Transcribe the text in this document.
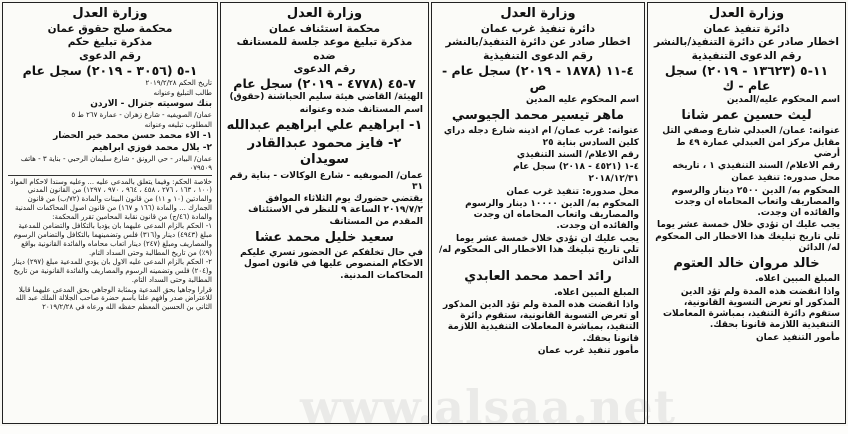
وزارة العدل
دائرة تنفيذ عمان
اخطار صادر عن دائرة التنفيذ/بالنشر
رقم الدعوى التنفيذية
١١-٥ (١٣٦٢٣ - ٢٠١٩) سجل عام - ك

اسم المحكوم عليه/المدين

ليث حسين عمر شانا

عنوانه: عمان/ العبدلي شارع وصفي التل مقابل مركز امن العبدلي عمارة ٤٩ ط أرضي

رقم الاعلام/ السند التنفيذي ١ ، تاريخه

محل صدوره: تنفيذ عمان

المحكوم به/ الدين ٢٥٠٠ دينار والرسوم والمصاريف واتعاب المحاماه ان وجدت والفائده ان وجدت.

يجب عليك ان تؤدي خلال خمسة عشر يوما تلي تاريخ تبليغك هذا الاخطار الى المحكوم له/ الدائن

خالد مروان خالد العتوم

المبلغ المبين اعلاه.

واذا انقضت هذه المدة ولم تؤد الدين المذكور او تعرض التسوية القانونية، ستقوم دائرة التنفيذ، بمباشرة المعاملات التنفيذية اللازمة قانونا بحقك.

مأمور التنفيذ عمان

وزارة العدل
دائرة تنفيذ غرب عمان
اخطار صادر عن دائرة التنفيذ/بالنشر
رقم الدعوى التنفيذية
٤-١١ (١٨٧٨ - ٢٠١٩) سجل عام - ص

اسم المحكوم عليه المدين

ماهر تيسير محمد الجيوسي

عنوانه: غرب عمان/ ام اذينه شارع دجله دراي كلين السادس بناية ٢٥

رقم الاعلام/ السند التنفيذي

٤-١ (٤٥٢١ - ٢٠١٨) سجل عام

٢٠١٨/١٢/٣١

محل صدوره: تنفيذ غرب عمان

المحكوم به/ الدين ١٠٠٠٠ دينار والرسوم والمصاريف واتعاب المحاماه ان وجدت والفائده ان وجدت.

يجب عليك ان تؤدي خلال خمسة عشر يوما تلي تاريخ تبليغك هذا الاخطار الى المحكوم له/ الدائن

رائد احمد محمد العابدي

المبلغ المبين اعلاه.

واذا انقضت هذه المدة ولم تؤد الدين المذكور او تعرض التسوية القانونية، ستقوم دائرة التنفيذ، بمباشرة المعاملات التنفيذية اللازمة قانونا بحقك.

مأمور تنفيذ غرب عمان

وزارة العدل
محكمة استئناف عمان
مذكرة تبليغ موعد جلسة للمستانف ضده
رقم الدعوى
٧-٤٥ (٤٧٧٨ - ٢٠١٩) سجل عام

الهيئة/ القاضي هيئة سليم الحباشنة (حقوق)

اسم المستانف ضده وعنوانه

١- ابراهيم علي ابراهيم عبدالله
٢- فايز محمود عبدالقادر سويدان

عمان/ الصويفيه - شارع الوكالات - بناية رقم ٣١

يقتضي حضورك يوم الثلاثاء الموافق ٢٠١٩/٧/٢ الساعة ٩ للنظر في الاستئناف المقدم من المستانف

سعيد خليل محمد عشا

في حال تخلفكم عن الحضور تسري عليكم الاحكام المنصوص عليها في قانون اصول المحاكمات المدنية.

وزارة العدل
محكمة صلح حقوق عمان
مذكرة تبليغ حكم
رقم الدعوى
١-٥ (٣٠٥٦ - ٢٠١٩) سجل عام

تاريخ الحكم ٢٠١٩/٢/٢٨

طالب التبليغ وعنوانه

بنك سوسيته جنرال - الاردن

عمان/ الصويفيه - شارع زهران - عمارة ٢٦٧ ط ٥

المطلوب تبليغه وعنوانه

١- الاء محمد حسن محمد خير الحضار

٢- بلال محمد فوزي ابراهيم

عمان/ البيادر - حي الرونق - شارع سليمان الرحبي - بناية ٣ - هاتف ٠٧٩٥٠٩

خلاصة الحكم: وفيما يتعلق بالمدعى عليه ... وعليه وسندا لاحكام المواد (١٠٠ ، ١٦٣ ، ٢٧٦ ، ٤٥٨ ، ٩٦٤ ، ٩٧٠ ، ١٢٩٧) من القانون المدني والمادتين (١٠ و ١١) من قانون البينات والمادة (٧٢/ب) من قانون الجمارك ... والمادة (١٦٦ و ١٦٧) من قانون اصول المحاكمات المدنية والمادة (٤٦/ج) من قانون نقابة المحامين تقرر المحكمة:

١- الحكم بالزام المدعى عليهما بان يؤديا بالتكافل والتضامن للمدعية مبلغ (٤٩٤٣) دينار و(٣١٦) فلس وتضمينهما بالتكافل والتضامن الرسوم والمصاريف ومبلغ (٢٤٧) دينار اتعاب محاماه والفائدة القانونية بواقع (٩٪) من تاريخ المطالبة وحتى السداد التام.

٢- الحكم بالزام المدعى عليه الاول بان يؤدي للمدعية مبلغ (٢٩٧) دينار و(٢٠٤) فلس وتضمينه الرسوم والمصاريف والفائدة القانونية من تاريخ المطالبة وحتى السداد التام.

قرارا وجاهيا بحق المدعية وبمثابة الوجاهي بحق المدعى عليهما قابلا للاعتراض صدر وافهم علنا باسم حضرة صاحب الجلالة الملك عبد الله الثاني بن الحسين المعظم حفظه الله ورعاه في ٢٠١٩/٢/٢٨
